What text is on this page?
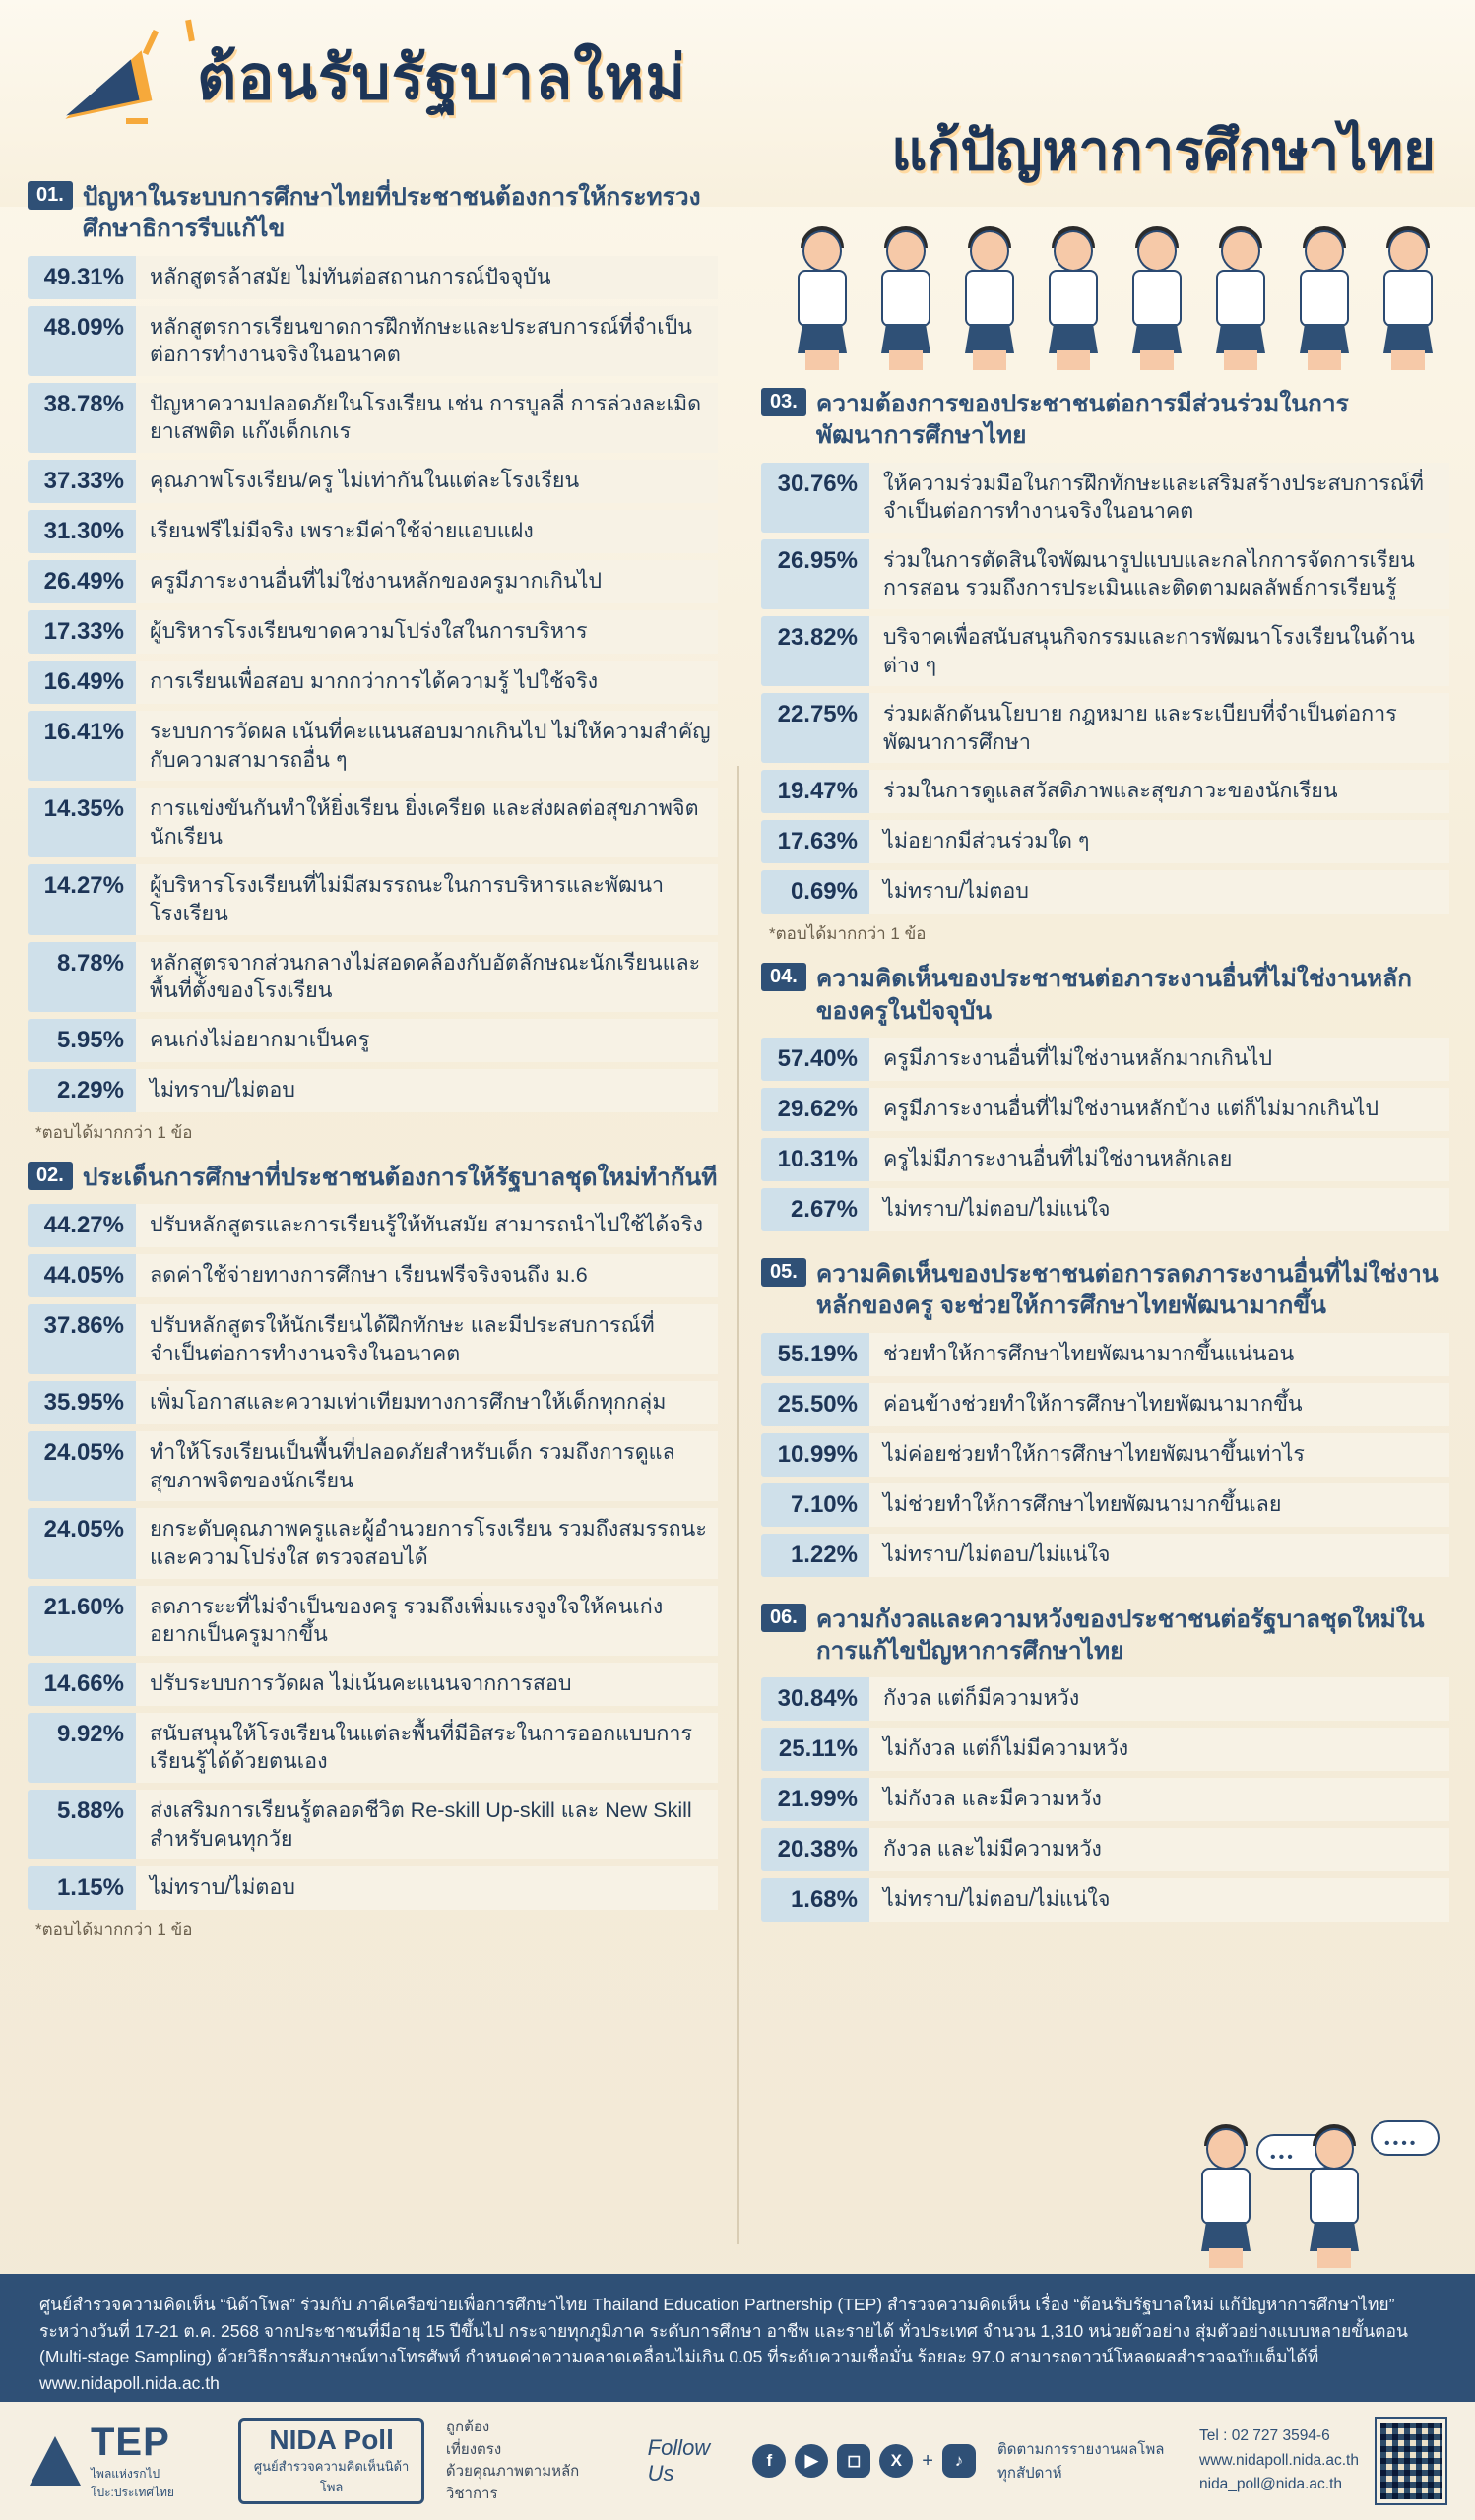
ต้อนรับรัฐบาลใหม่
แก้ปัญหาการศึกษาไทย
01. ปัญหาในระบบการศึกษาไทยที่ประชาชนต้องการให้กระทรวงศึกษาธิการรีบแก้ไข
49.31%	หลักสูตรล้าสมัย ไม่ทันต่อสถานการณ์ปัจจุบัน
48.09%	หลักสูตรการเรียนขาดการฝึกทักษะและประสบการณ์ที่จำเป็นต่อการทำงานจริงในอนาคต
38.78%	ปัญหาความปลอดภัยในโรงเรียน เช่น การบูลลี่ การล่วงละเมิด ยาเสพติด แก๊งเด็กเกเร
37.33%	คุณภาพโรงเรียน/ครู ไม่เท่ากันในแต่ละโรงเรียน
31.30%	เรียนฟรีไม่มีจริง เพราะมีค่าใช้จ่ายแอบแฝง
26.49%	ครูมีภาระงานอื่นที่ไม่ใช่งานหลักของครูมากเกินไป
17.33%	ผู้บริหารโรงเรียนขาดความโปร่งใสในการบริหาร
16.49%	การเรียนเพื่อสอบ มากกว่าการได้ความรู้ ไปใช้จริง
16.41%	ระบบการวัดผล เน้นที่คะแนนสอบมากเกินไป ไม่ให้ความสำคัญกับความสามารถอื่น ๆ
14.35%	การแข่งขันกันทำให้ยิ่งเรียน ยิ่งเครียด และส่งผลต่อสุขภาพจิตนักเรียน
14.27%	ผู้บริหารโรงเรียนที่ไม่มีสมรรถนะในการบริหารและพัฒนาโรงเรียน
8.78%	หลักสูตรจากส่วนกลางไม่สอดคล้องกับอัตลักษณะนักเรียนและพื้นที่ตั้งของโรงเรียน
5.95%	คนเก่งไม่อยากมาเป็นครู
2.29%	ไม่ทราบ/ไม่ตอบ
*ตอบได้มากกว่า 1 ข้อ
02. ประเด็นการศึกษาที่ประชาชนต้องการให้รัฐบาลชุดใหม่ทำกันที
44.27%	ปรับหลักสูตรและการเรียนรู้ให้ทันสมัย สามารถนำไปใช้ได้จริง
44.05%	ลดค่าใช้จ่ายทางการศึกษา เรียนฟรีจริงจนถึง ม.6
37.86%	ปรับหลักสูตรให้นักเรียนได้ฝึกทักษะ และมีประสบการณ์ที่จำเป็นต่อการทำงานจริงในอนาคต
35.95%	เพิ่มโอกาสและความเท่าเทียมทางการศึกษาให้เด็กทุกกลุ่ม
24.05%	ทำให้โรงเรียนเป็นพื้นที่ปลอดภัยสำหรับเด็ก รวมถึงการดูแลสุขภาพจิตของนักเรียน
24.05%	ยกระดับคุณภาพครูและผู้อำนวยการโรงเรียน รวมถึงสมรรถนะและความโปร่งใส ตรวจสอบได้
21.60%	ลดภาระะที่ไม่จำเป็นของครู รวมถึงเพิ่มแรงจูงใจให้คนเก่งอยากเป็นครูมากขึ้น
14.66%	ปรับระบบการวัดผล ไม่เน้นคะแนนจากการสอบ
9.92%	สนับสนุนให้โรงเรียนในแต่ละพื้นที่มีอิสระในการออกแบบการเรียนรู้ได้ด้วยตนเอง
5.88%	ส่งเสริมการเรียนรู้ตลอดชีวิต Re-skill Up-skill และ New Skill สำหรับคนทุกวัย
1.15%	ไม่ทราบ/ไม่ตอบ
*ตอบได้มากกว่า 1 ข้อ
03. ความต้องการของประชาชนต่อการมีส่วนร่วมในการพัฒนาการศึกษาไทย
30.76%	ให้ความร่วมมือในการฝึกทักษะและเสริมสร้างประสบการณ์ที่จำเป็นต่อการทำงานจริงในอนาคต
26.95%	ร่วมในการตัดสินใจพัฒนารูปแบบและกลไกการจัดการเรียนการสอน รวมถึงการประเมินและติดตามผลลัพธ์การเรียนรู้
23.82%	บริจาคเพื่อสนับสนุนกิจกรรมและการพัฒนาโรงเรียนในด้านต่าง ๆ
22.75%	ร่วมผลักดันนโยบาย กฎหมาย และระเบียบที่จำเป็นต่อการพัฒนาการศึกษา
19.47%	ร่วมในการดูแลสวัสดิภาพและสุขภาวะของนักเรียน
17.63%	ไม่อยากมีส่วนร่วมใด ๆ
0.69%	ไม่ทราบ/ไม่ตอบ
*ตอบได้มากกว่า 1 ข้อ
04. ความคิดเห็นของประชาชนต่อภาระงานอื่นที่ไม่ใช่งานหลักของครูในปัจจุบัน
57.40%	ครูมีภาระงานอื่นที่ไม่ใช่งานหลักมากเกินไป
29.62%	ครูมีภาระงานอื่นที่ไม่ใช่งานหลักบ้าง แต่ก็ไม่มากเกินไป
10.31%	ครูไม่มีภาระงานอื่นที่ไม่ใช่งานหลักเลย
2.67%	ไม่ทราบ/ไม่ตอบ/ไม่แน่ใจ
05. ความคิดเห็นของประชาชนต่อการลดภาระงานอื่นที่ไม่ใช่งานหลักของครู จะช่วยให้การศึกษาไทยพัฒนามากขึ้น
55.19%	ช่วยทำให้การศึกษาไทยพัฒนามากขึ้นแน่นอน
25.50%	ค่อนข้างช่วยทำให้การศึกษาไทยพัฒนามากขึ้น
10.99%	ไม่ค่อยช่วยทำให้การศึกษาไทยพัฒนาขึ้นเท่าไร
7.10%	ไม่ช่วยทำให้การศึกษาไทยพัฒนามากขึ้นเลย
1.22%	ไม่ทราบ/ไม่ตอบ/ไม่แน่ใจ
06. ความกังวลและความหวังของประชาชนต่อรัฐบาลชุดใหม่ในการแก้ไขปัญหาการศึกษาไทย
30.84%	กังวล แต่ก็มีความหวัง
25.11%	ไม่กังวล แต่ก็ไม่มีความหวัง
21.99%	ไม่กังวล และมีความหวัง
20.38%	กังวล และไม่มีความหวัง
1.68%	ไม่ทราบ/ไม่ตอบ/ไม่แน่ใจ
•••
••••
ศูนย์สำรวจความคิดเห็น “นิด้าโพล” ร่วมกับ ภาคีเครือข่ายเพื่อการศึกษาไทย Thailand Education Partnership (TEP) สำรวจความคิดเห็น เรื่อง “ต้อนรับรัฐบาลใหม่ แก้ปัญหาการศึกษาไทย” ระหว่างวันที่ 17-21 ต.ค. 2568 จากประชาชนที่มีอายุ 15 ปีขึ้นไป กระจายทุกภูมิภาค ระดับการศึกษา อาชีพ และรายได้ ทั่วประเทศ จำนวน 1,310 หน่วยตัวอย่าง สุ่มตัวอย่างแบบหลายขั้นตอน (Multi-stage Sampling) ด้วยวิธีการสัมภาษณ์ทางโทรศัพท์ กำหนดค่าความคลาดเคลื่อนไม่เกิน 0.05 ที่ระดับความเชื่อมั่น ร้อยละ 97.0 สามารถดาวน์โหลดผลสำรวจฉบับเต็มได้ที่ www.nidapoll.nida.ac.th
TEP
ไพลแห่งรกไปโปะ:ประเทศไทย
NIDA Poll
ศูนย์สำรวจความคิดเห็นนิด้าโพล
ถูกต้อง
เที่ยงตรง
ด้วยคุณภาพตามหลักวิชาการ
Follow Us
f	▶	◻	X	+	♪
ติดตามการรายงานผลโพลทุกสัปดาห์
Tel : 02 727 3594-6
www.nidapoll.nida.ac.th
nida_poll@nida.ac.th
